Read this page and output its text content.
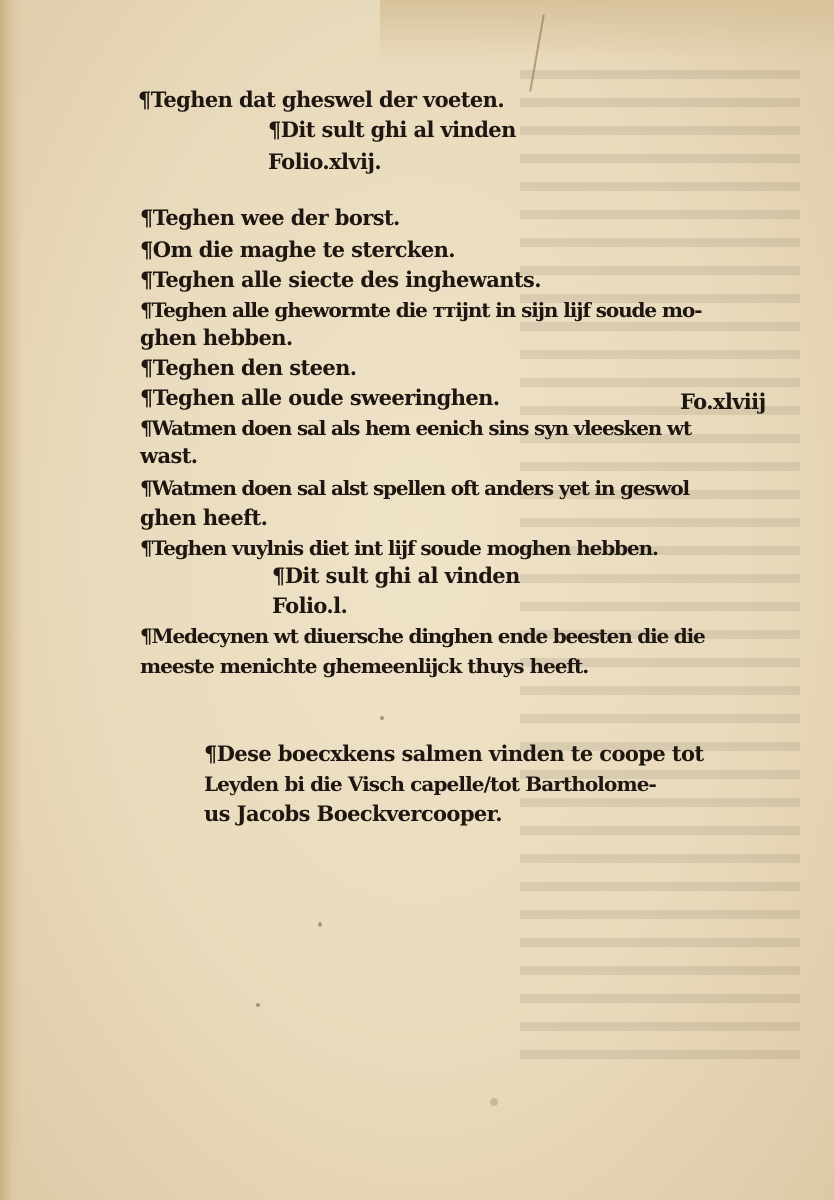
¶Teghen dat gheswel der voeten.
¶Dit sult ghi al vinden
Folio.xlvij.
¶Teghen wee der borst.
¶Om die maghe te stercken.
¶Teghen alle siecte des inghewants.
¶Teghen alle ghewormte die ттijnt in sijn lijf soude mo-
ghen hebben.
¶Teghen den steen.
¶Teghen alle oude sweeringhen.	Fo.xlviij
¶Watmen doen sal als hem eenich sins syn vleesken wt
wast.
¶Watmen doen sal alst spellen oft anders yet in geswol
ghen heeft.
¶Teghen vuylnis diet int lijf soude moghen hebben.
¶Dit sult ghi al vinden
Folio.l.
¶Medecynen wt diuersche dinghen ende beesten die die
meeste menichte ghemeenlijck thuys heeft.
¶Dese boecxkens salmen vinden te coope tot
Leyden bi die Visch capelle/tot Bartholome-
us Jacobs Boeckvercooper.
